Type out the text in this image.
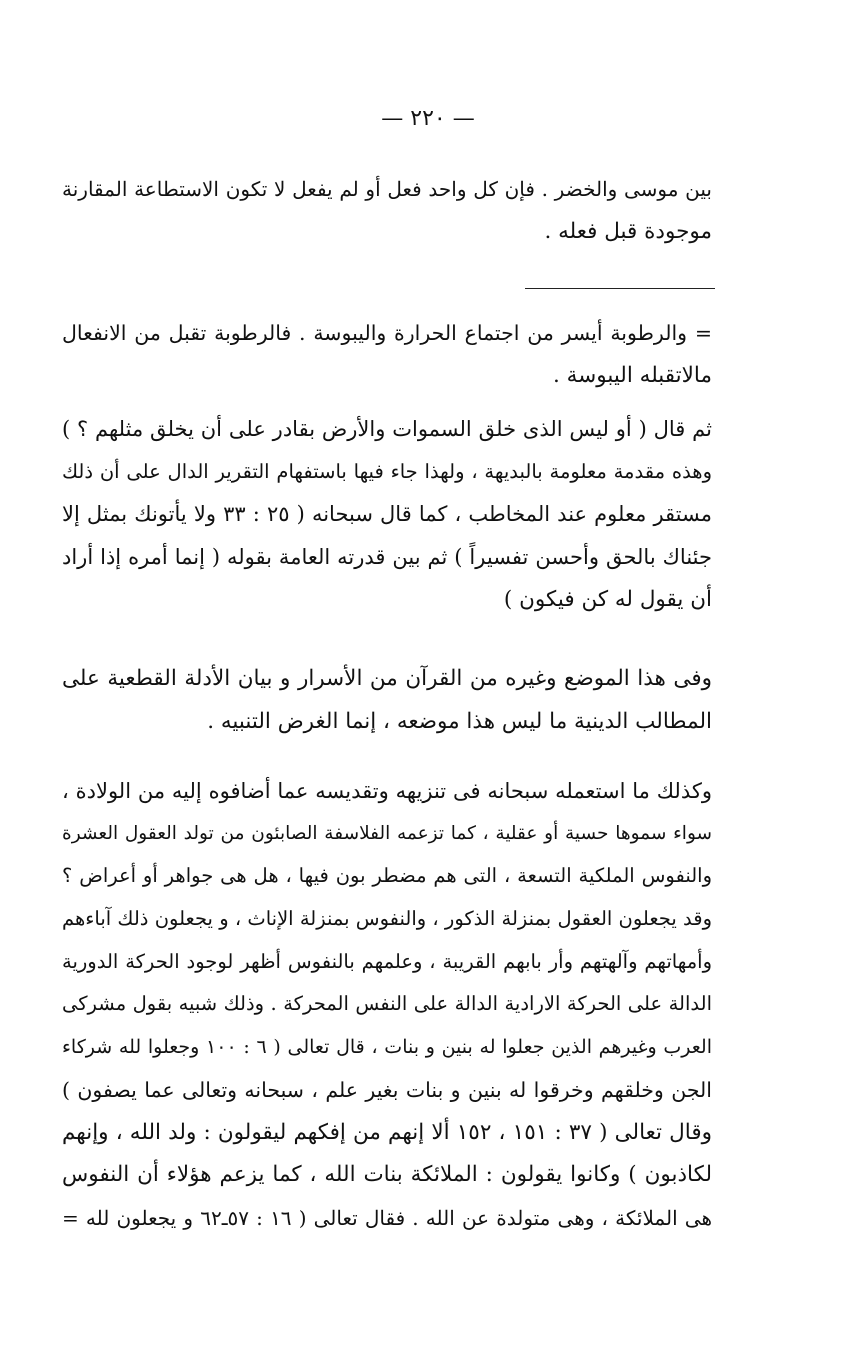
— ٢٢٠ —
بين موسى والخضر . فإن كل واحد فعل أو لم يفعل لا تكون الاستطاعة المقارنة
موجودة قبل فعله .
= والرطوبة أيسر من اجتماع الحرارة واليبوسة . فالرطوبة تقبل من الانفعال
مالاتقبله اليبوسة .
ثم قال ( أو ليس الذى خلق السموات والأرض بقادر على أن يخلق مثلهم ؟ )
وهذه مقدمة معلومة بالبديهة ، ولهذا جاء فيها باستفهام التقرير الدال على أن ذلك
مستقر معلوم عند المخاطب ، كما قال سبحانه ( ٢٥ : ٣٣ ولا يأتونك بمثل إلا
جئناك بالحق وأحسن تفسيراً ) ثم بين قدرته العامة بقوله ( إنما أمره إذا أراد
أن يقول له كن فيكون )
وفى هذا الموضع وغيره من القرآن من الأسرار و بيان الأدلة القطعية على
المطالب الدينية ما ليس هذا موضعه ، إنما الغرض التنبيه .
وكذلك ما استعمله سبحانه فى تنزيهه وتقديسه عما أضافوه إليه من الولادة ،
سواء سموها حسية أو عقلية ، كما تزعمه الفلاسفة الصابئون من تولد العقول العشرة
والنفوس الملكية التسعة ، التى هم مضطر بون فيها ، هل هى جواهر أو أعراض ؟
وقد يجعلون العقول بمنزلة الذكور ، والنفوس بمنزلة الإناث ، و يجعلون ذلك آباءهم
وأمهاتهم وآلهتهم وأر بابهم القريبة ، وعلمهم بالنفوس أظهر لوجود الحركة الدورية
الدالة على الحركة الارادية الدالة على النفس المحركة . وذلك شبيه بقول مشركى
العرب وغيرهم الذين جعلوا له بنين و بنات ، قال تعالى ( ٦ : ١٠٠ وجعلوا لله شركاء
الجن وخلقهم وخرقوا له بنين و بنات بغير علم ، سبحانه وتعالى عما يصفون )
وقال تعالى ( ٣٧ : ١٥١ ، ١٥٢ ألا إنهم من إفكهم ليقولون : ولد الله ، وإنهم
لكاذبون ) وكانوا يقولون : الملائكة بنات الله ، كما يزعم هؤلاء أن النفوس
هى الملائكة ، وهى متولدة عن الله . فقال تعالى ( ١٦ : ٥٧ـ٦٢ و يجعلون لله =
